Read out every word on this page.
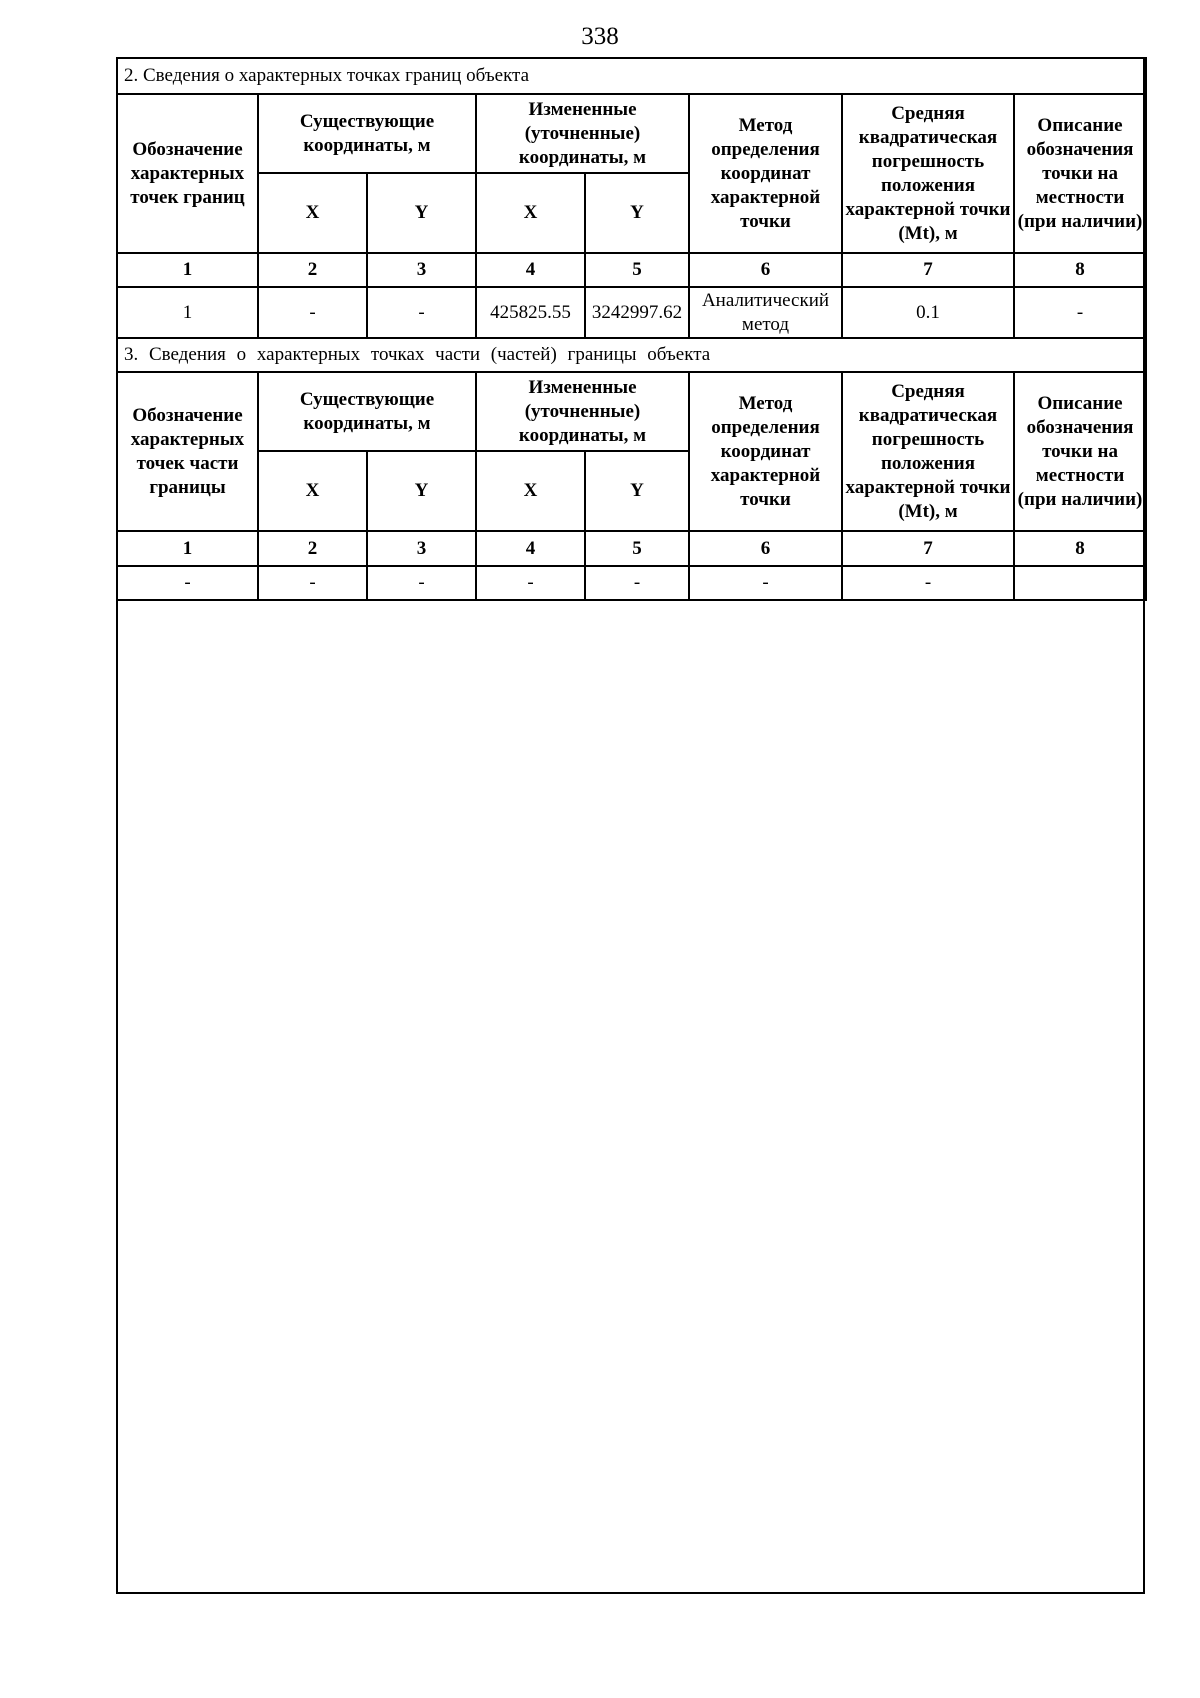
338
2. Сведения о характерных точках границ объекта							
Обозначение характерных точек границ	Существующие координаты, м		Измененные (уточненные) координаты, м		Метод определения координат характерной точки	Средняя квадратическая погрешность положения характерной точки (Mt), м	Описание обозначения точки на местности (при наличии)
	X	Y	X	Y			
1	2	3	4	5	6	7	8
1	-	-	425825.55	3242997.62	Аналитический метод	0.1	-
3. Сведения о характерных точках части (частей) границы объекта							
Обозначение характерных точек части границы	Существующие координаты, м		Измененные (уточненные) координаты, м		Метод определения координат характерной точки	Средняя квадратическая погрешность положения характерной точки (Mt), м	Описание обозначения точки на местности (при наличии)
	X	Y	X	Y			
1	2	3	4	5	6	7	8
-	-	-	-	-	-	-	
